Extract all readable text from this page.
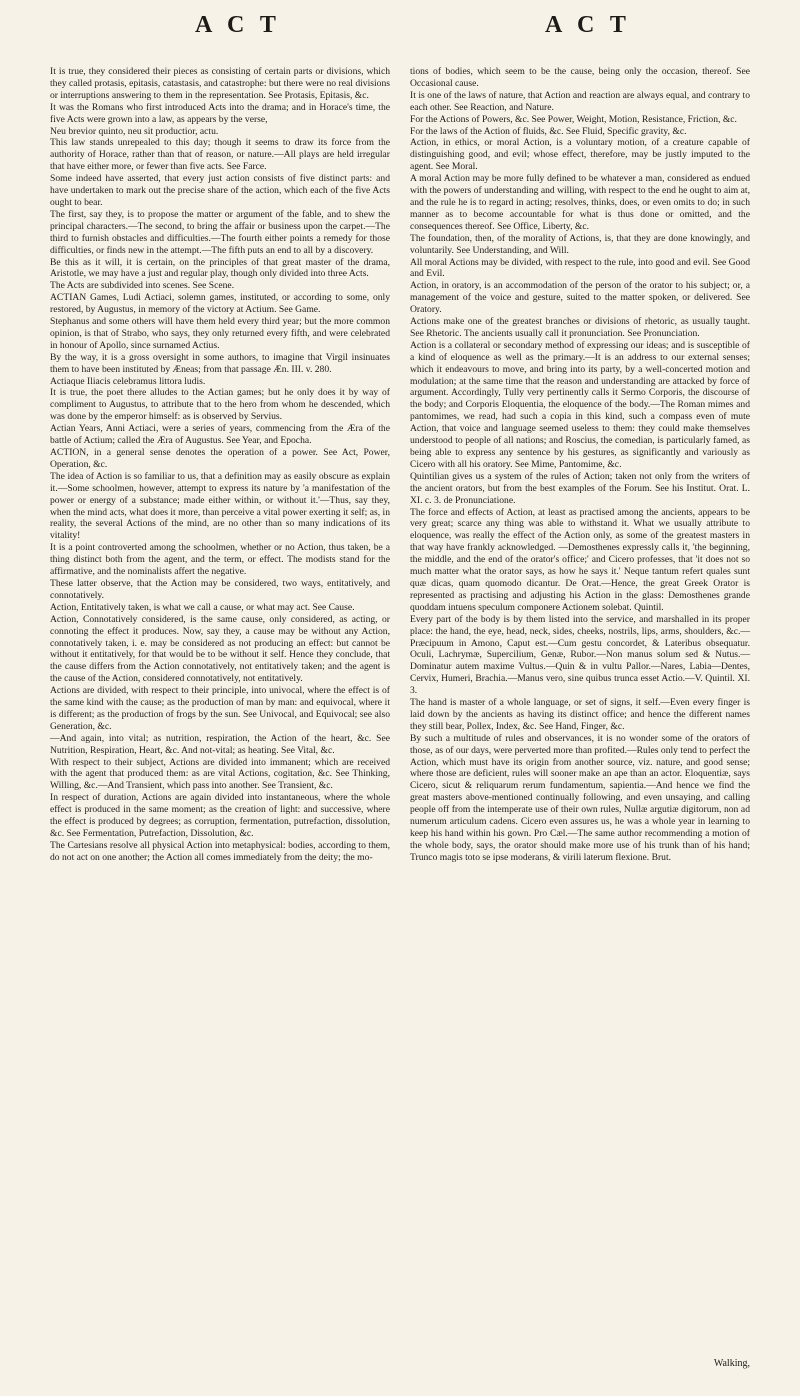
A C T	A C T

It is true, they considered their pieces as consisting of certain parts or divisions, which they called protasis, epitasis, catastasis, and catastrophe: but there were no real divisions or interruptions answering to them in the representation. See Protasis, Epitasis, &c.

It was the Romans who first introduced Acts into the drama; and in Horace's time, the five Acts were grown into a law, as appears by the verse,

Neu brevior quinto, neu sit productior, actu.

This law stands unrepealed to this day; though it seems to draw its force from the authority of Horace, rather than that of reason, or nature.—All plays are held irregular that have either more, or fewer than five acts. See Farce.

Some indeed have asserted, that every just action consists of five distinct parts: and have undertaken to mark out the precise share of the action, which each of the five Acts ought to bear.

The first, say they, is to propose the matter or argument of the fable, and to shew the principal characters.—The second, to bring the affair or business upon the carpet.—The third to furnish obstacles and difficulties.—The fourth either points a remedy for those difficulties, or finds new in the attempt.—The fifth puts an end to all by a discovery.

Be this as it will, it is certain, on the principles of that great master of the drama, Aristotle, we may have a just and regular play, though only divided into three Acts.

The Acts are subdivided into scenes. See Scene.

ACTIAN Games, Ludi Actiaci, solemn games, instituted, or according to some, only restored, by Augustus, in memory of the victory at Actium. See Game.

Stephanus and some others will have them held every third year; but the more common opinion, is that of Strabo, who says, they only returned every fifth, and were celebrated in honour of Apollo, since surnamed Actius.

By the way, it is a gross oversight in some authors, to imagine that Virgil insinuates them to have been instituted by Æneas; from that passage Æn. III. v. 280.

Actiaque Iliacis celebramus littora ludis.

It is true, the poet there alludes to the Actian games; but he only does it by way of compliment to Augustus, to attribute that to the hero from whom he descended, which was done by the emperor himself: as is observed by Servius.

Actian Years, Anni Actiaci, were a series of years, commencing from the Æra of the battle of Actium; called the Æra of Augustus. See Year, and Epocha.

ACTION, in a general sense denotes the operation of a power. See Act, Power, Operation, &c.

The idea of Action is so familiar to us, that a definition may as easily obscure as explain it.—Some schoolmen, however, attempt to express its nature by 'a manifestation of the power or energy of a substance; made either within, or without it.'—Thus, say they, when the mind acts, what does it more, than perceive a vital power exerting it self; as, in reality, the several Actions of the mind, are no other than so many indications of its vitality!

It is a point controverted among the schoolmen, whether or no Action, thus taken, be a thing distinct both from the agent, and the term, or effect. The modists stand for the affirmative, and the nominalists affert the negative.

These latter observe, that the Action may be considered, two ways, entitatively, and connotatively.

Action, Entitatively taken, is what we call a cause, or what may act. See Cause.

Action, Connotatively considered, is the same cause, only considered, as acting, or connoting the effect it produces. Now, say they, a cause may be without any Action, connotatively taken, i. e. may be considered as not producing an effect: but cannot be without it entitatively, for that would be to be without it self. Hence they conclude, that the cause differs from the Action connotatively, not entitatively taken; and the agent is the cause of the Action, considered connotatively, not entitatively.

Actions are divided, with respect to their principle, into univocal, where the effect is of the same kind with the cause; as the production of man by man: and equivocal, where it is different; as the production of frogs by the sun. See Univocal, and Equivocal; see also Generation, &c.

—And again, into vital; as nutrition, respiration, the Action of the heart, &c. See Nutrition, Respiration, Heart, &c. And not-vital; as heating. See Vital, &c.

With respect to their subject, Actions are divided into immanent; which are received with the agent that produced them: as are vital Actions, cogitation, &c. See Thinking, Willing, &c.—And Transient, which pass into another. See Transient, &c.

In respect of duration, Actions are again divided into instantaneous, where the whole effect is produced in the same moment; as the creation of light: and successive, where the effect is produced by degrees; as corruption, fermentation, putrefaction, dissolution, &c. See Fermentation, Putrefaction, Dissolution, &c.

The Cartesians resolve all physical Action into metaphysical: bodies, according to them, do not act on one another; the Action all comes immediately from the deity; the mo-

tions of bodies, which seem to be the cause, being only the occasion, thereof. See Occasional cause.

It is one of the laws of nature, that Action and reaction are always equal, and contrary to each other. See Reaction, and Nature.

For the Actions of Powers, &c. See Power, Weight, Motion, Resistance, Friction, &c.

For the laws of the Action of fluids, &c. See Fluid, Specific gravity, &c.

Action, in ethics, or moral Action, is a voluntary motion, of a creature capable of distinguishing good, and evil; whose effect, therefore, may be justly imputed to the agent. See Moral.

A moral Action may be more fully defined to be whatever a man, considered as endued with the powers of understanding and willing, with respect to the end he ought to aim at, and the rule he is to regard in acting; resolves, thinks, does, or even omits to do; in such manner as to become accountable for what is thus done or omitted, and the consequences thereof. See Office, Liberty, &c.

The foundation, then, of the morality of Actions, is, that they are done knowingly, and voluntarily. See Understanding, and Will.

All moral Actions may be divided, with respect to the rule, into good and evil. See Good and Evil.

Action, in oratory, is an accommodation of the person of the orator to his subject; or, a management of the voice and gesture, suited to the matter spoken, or delivered. See Oratory.

Actions make one of the greatest branches or divisions of rhetoric, as usually taught. See Rhetoric. The ancients usually call it pronunciation. See Pronunciation.

Action is a collateral or secondary method of expressing our ideas; and is susceptible of a kind of eloquence as well as the primary.—It is an address to our external senses; which it endeavours to move, and bring into its party, by a well-concerted motion and modulation; at the same time that the reason and understanding are attacked by force of argument. Accordingly, Tully very pertinently calls it Sermo Corporis, the discourse of the body; and Corporis Eloquentia, the eloquence of the body.—The Roman mimes and pantomimes, we read, had such a copia in this kind, such a compass even of mute Action, that voice and language seemed useless to them: they could make themselves understood to people of all nations; and Roscius, the comedian, is particularly famed, as being able to express any sentence by his gestures, as significantly and variously as Cicero with all his oratory. See Mime, Pantomime, &c.

Quintilian gives us a system of the rules of Action; taken not only from the writers of the ancient orators, but from the best examples of the Forum. See his Institut. Orat. L. XI. c. 3. de Pronunciatione.

The force and effects of Action, at least as practised among the ancients, appears to be very great; scarce any thing was able to withstand it. What we usually attribute to eloquence, was really the effect of the Action only, as some of the greatest masters in that way have frankly acknowledged. —Demosthenes expressly calls it, 'the beginning, the middle, and the end of the orator's office;' and Cicero professes, that 'it does not so much matter what the orator says, as how he says it.' Neque tantum refert quales sunt quæ dicas, quam quomodo dicantur. De Orat.—Hence, the great Greek Orator is represented as practising and adjusting his Action in the glass: Demosthenes grande quoddam intuens speculum componere Actionem solebat. Quintil.

Every part of the body is by them listed into the service, and marshalled in its proper place: the hand, the eye, head, neck, sides, cheeks, nostrils, lips, arms, shoulders, &c.— Præcipuum in Amono, Caput est.—Cum gestu concordet, & Lateribus obsequatur. Oculi, Lachrymæ, Supercilium, Genæ, Rubor.—Non manus solum sed & Nutus.—Dominatur autem maxime Vultus.—Quin & in vultu Pallor.—Nares, Labia—Dentes, Cervix, Humeri, Brachia.—Manus vero, sine quibus trunca esset Actio.—V. Quintil. XI. 3.

The hand is master of a whole language, or set of signs, it self.—Even every finger is laid down by the ancients as having its distinct office; and hence the different names they still bear, Pollex, Index, &c. See Hand, Finger, &c.

By such a multitude of rules and observances, it is no wonder some of the orators of those, as of our days, were perverted more than profited.—Rules only tend to perfect the Action, which must have its origin from another source, viz. nature, and good sense; where those are deficient, rules will sooner make an ape than an actor. Eloquentiæ, says Cicero, sicut & reliquarum rerum fundamentum, sapientia.—And hence we find the great masters above-mentioned continually following, and even unsaying, and calling people off from the intemperate use of their own rules, Nullæ argutiæ digitorum, non ad numerum articulum cadens. Cicero even assures us, he was a whole year in learning to keep his hand within his gown. Pro Cæl.—The same author recommending a motion of the whole body, says, the orator should make more use of his trunk than of his hand; Trunco magis toto se ipse moderans, & virili laterum flexione. Brut.

Walking,
